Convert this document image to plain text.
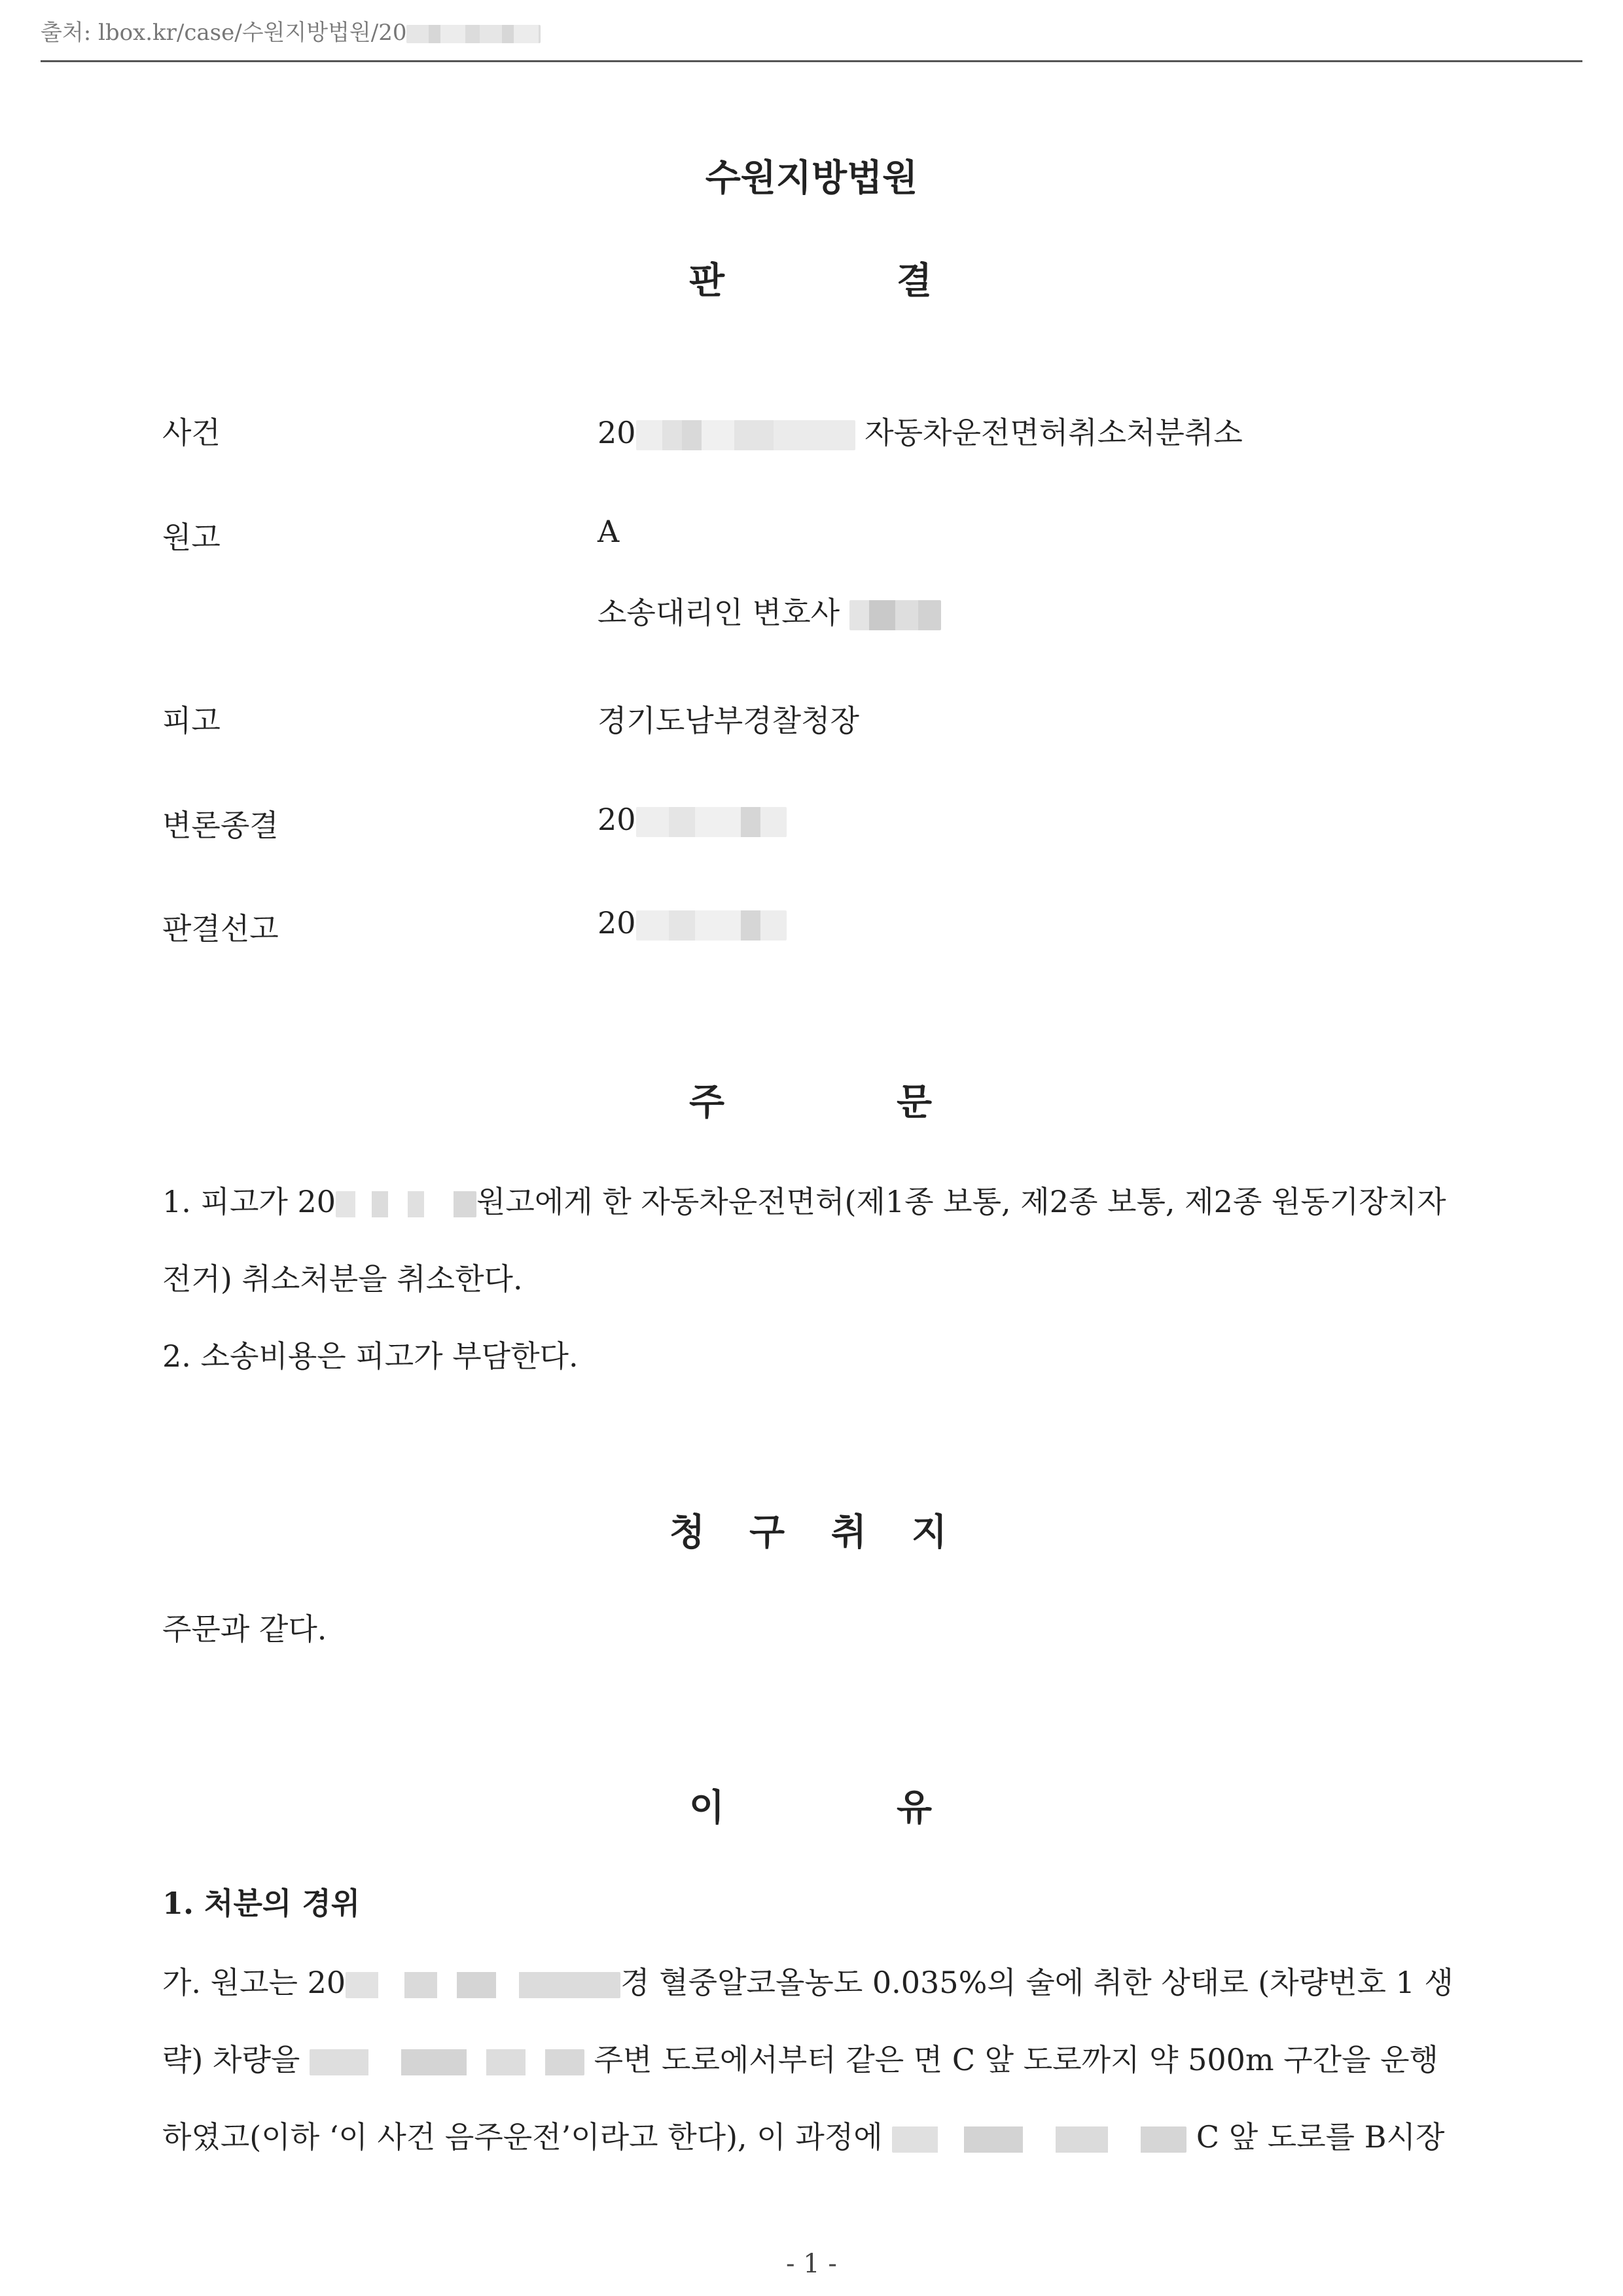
출처: lbox.kr/case/수원지방법원/20
수원지방법원
판	결
사건	20	자동차운전면허취소처분취소
원고	A
소송대리인 변호사
피고	경기도남부경찰청장
변론종결	20
판결선고	20
주	문
1. 피고가 20	원고에게 한 자동차운전면허(제1종 보통, 제2종 보통, 제2종 원동기장치자
전거) 취소처분을 취소한다.
2. 소송비용은 피고가 부담한다.
청 구 취 지
주문과 같다.
이	유
1. 처분의 경위
가. 원고는 20	경 혈중알코올농도 0.035%의 술에 취한 상태로 (차량번호 1 생
략) 차량을	주변 도로에서부터 같은 면 C 앞 도로까지 약 500m 구간을 운행
하였고(이하 ‘이 사건 음주운전’이라고 한다), 이 과정에	C 앞 도로를 B시장
- 1 -
